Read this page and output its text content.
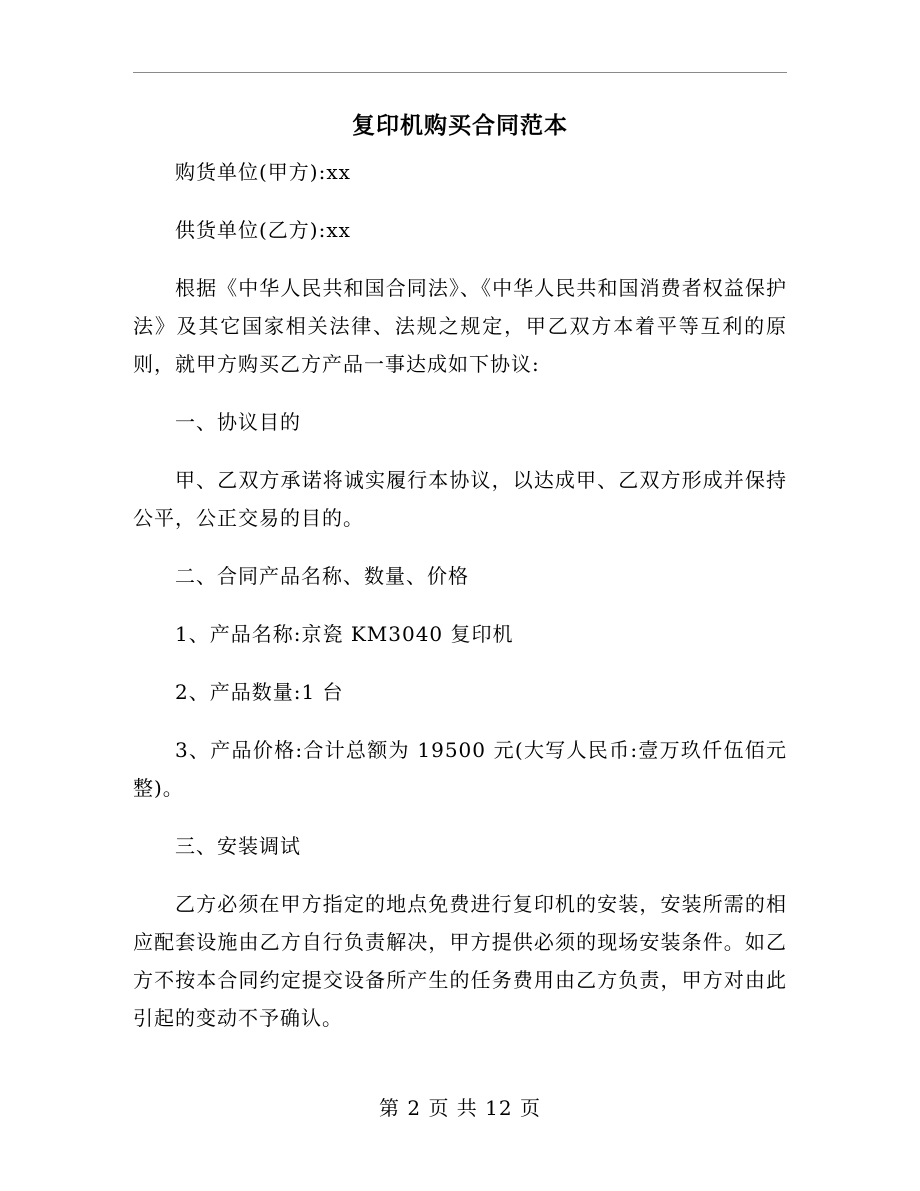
复印机购买合同范本

购货单位(甲方):xx

供货单位(乙方):xx

根据《中华人民共和国合同法》、《中华人民共和国消费者权益保护法》及其它国家相关法律、法规之规定，甲乙双方本着平等互利的原则，就甲方购买乙方产品一事达成如下协议:

一、协议目的

甲、乙双方承诺将诚实履行本协议，以达成甲、乙双方形成并保持公平，公正交易的目的。

二、合同产品名称、数量、价格

1、产品名称:京瓷 KM3040 复印机

2、产品数量:1 台

3、产品价格:合计总额为 19500 元(大写人民币:壹万玖仟伍佰元整)。

三、安装调试

乙方必须在甲方指定的地点免费进行复印机的安装，安装所需的相应配套设施由乙方自行负责解决，甲方提供必须的现场安装条件。如乙方不按本合同约定提交设备所产生的任务费用由乙方负责，甲方对由此引起的变动不予确认。

第 2 页 共 12 页
